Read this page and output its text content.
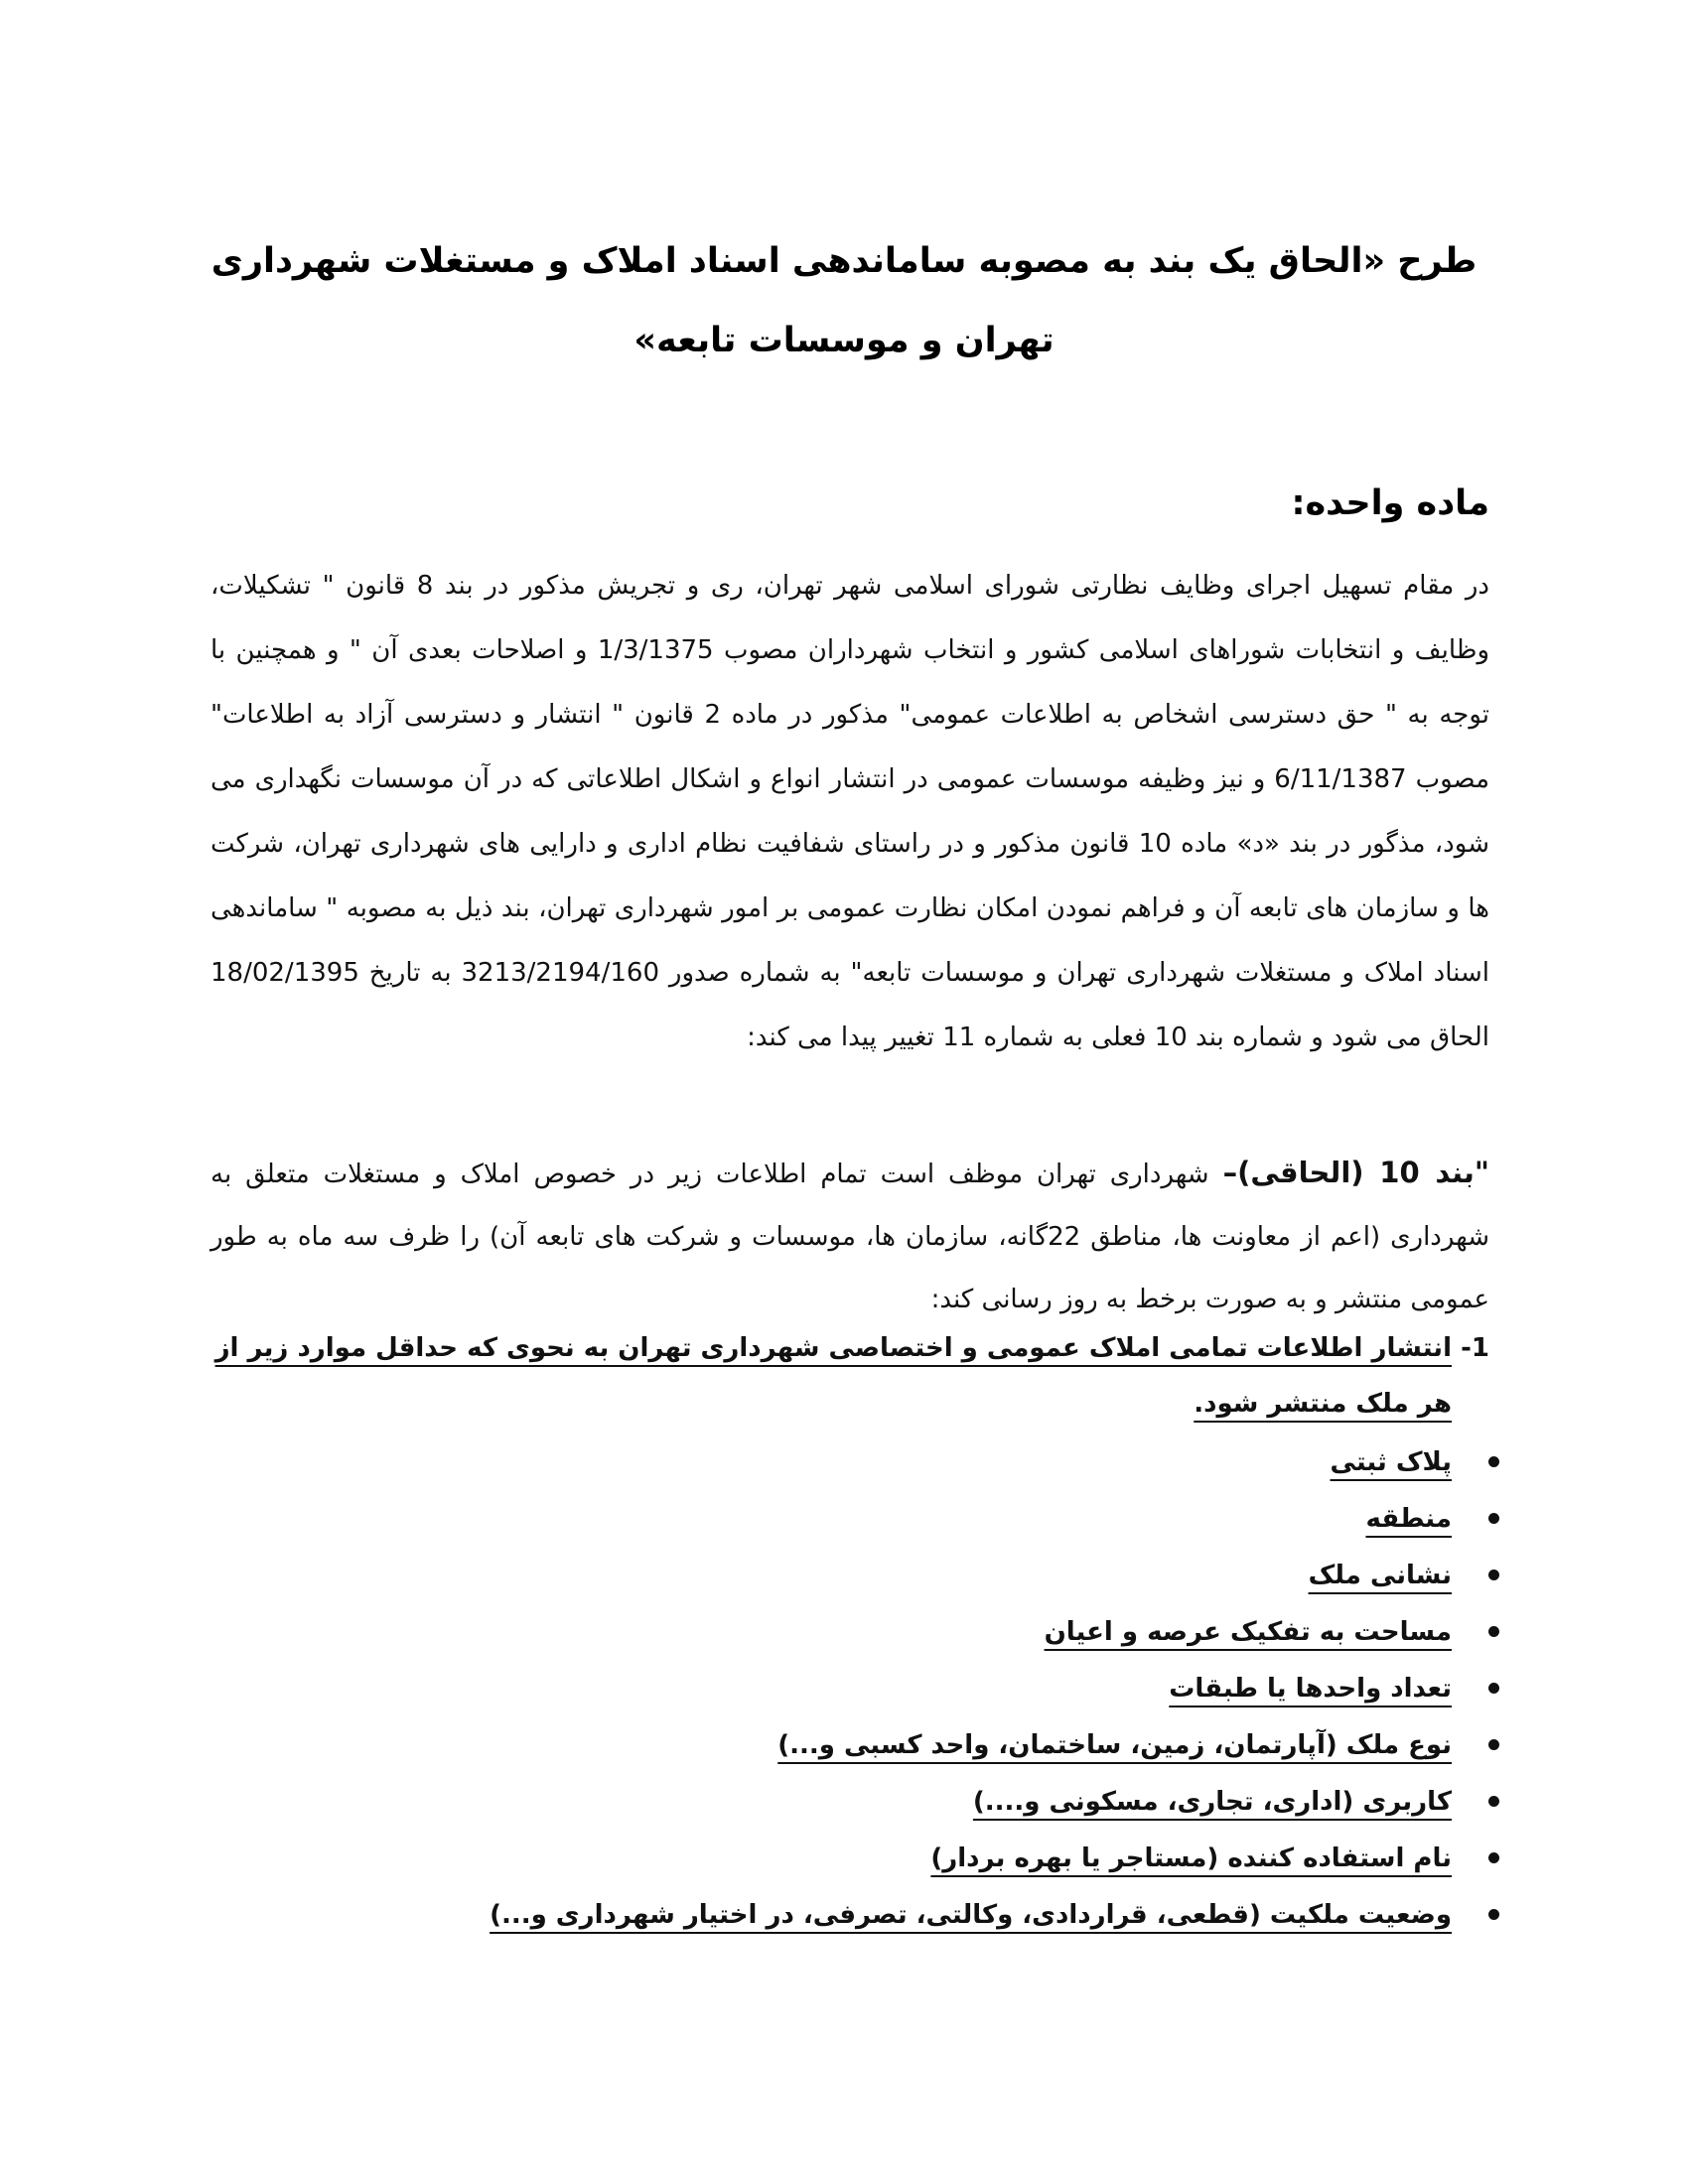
طرح «الحاق یک بند به مصوبه ساماندهی اسناد املاک و مستغلات شهرداری تهران و موسسات تابعه»
ماده واحده:

در مقام تسهیل اجرای وظایف نظارتی شورای اسلامی شهر تهران، ری و تجریش مذکور در بند 8 قانون " تشکیلات، وظایف و انتخابات شوراهای اسلامی کشور و انتخاب شهرداران مصوب 1/3/1375 و اصلاحات بعدی آن " و همچنین با توجه به " حق دسترسی اشخاص به اطلاعات عمومی" مذکور در ماده 2 قانون " انتشار و دسترسی آزاد به اطلاعات" مصوب 6/11/1387 و نیز وظیفه موسسات عمومی در انتشار انواع و اشکال اطلاعاتی که در آن موسسات نگهداری می شود، مذگور در بند «د» ماده 10 قانون مذکور و در راستای شفافیت نظام اداری و دارایی های شهرداری تهران، شرکت ها و سازمان های تابعه آن و فراهم نمودن امکان نظارت عمومی بر امور شهرداری تهران، بند ذیل به مصوبه " ساماندهی اسناد املاک و مستغلات شهرداری تهران و موسسات تابعه" به شماره صدور 3213/2194/160 به تاریخ 18/02/1395 الحاق می شود و شماره بند 10 فعلی به شماره 11 تغییر پیدا می کند:

"بند 10 (الحاقی)– شهرداری تهران موظف است تمام اطلاعات زیر در خصوص املاک و مستغلات متعلق به شهرداری (اعم از معاونت ها، مناطق 22گانه، سازمان ها، موسسات و شرکت های تابعه آن) را ظرف سه ماه به طور عمومی منتشر و به صورت برخط به روز رسانی کند:

1-
انتشار اطلاعات تمامی املاک عمومی و اختصاصی شهرداری تهران به نحوی که حداقل موارد زیر از هر ملک منتشر شود.
پلاک ثبتی
منطقه
نشانی ملک
مساحت به تفکیک عرصه و اعیان
تعداد واحدها یا طبقات
نوع ملک (آپارتمان، زمین، ساختمان، واحد کسبی و...)
کاربری (اداری، تجاری، مسکونی و....)
نام استفاده کننده (مستاجر یا بهره بردار)
وضعیت ملکیت (قطعی، قراردادی، وکالتی، تصرفی، در اختیار شهرداری و...)
